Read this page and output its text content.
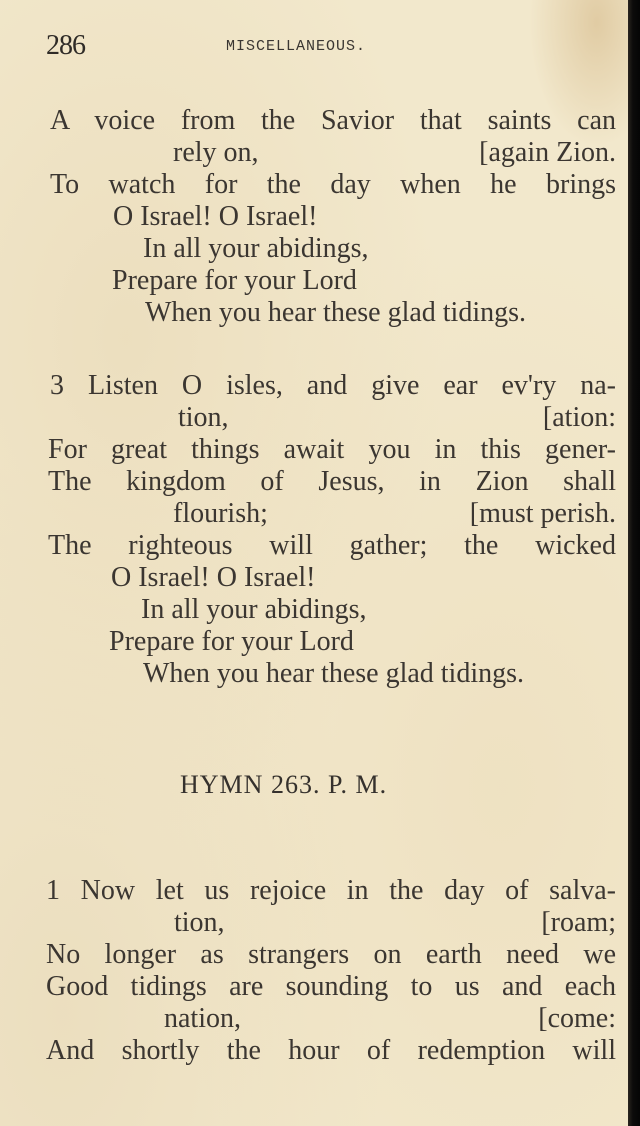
286	MISCELLANEOUS.
A voice from the Savior that saints can
rely on,	[again Zion.
To watch for the day when he brings
O Israel! O Israel!
In all your abidings,
Prepare for your Lord
When you hear these glad tidings.
3 Listen O isles, and give ear ev'ry na-
tion,	[ation:
For great things await you in this gener-
The kingdom of Jesus, in Zion shall
flourish;	[must perish.
The righteous will gather; the wicked
O Israel! O Israel!
In all your abidings,
Prepare for your Lord
When you hear these glad tidings.
HYMN 263. P. M.
1 Now let us rejoice in the day of salva-
tion,	[roam;
No longer as strangers on earth need we
Good tidings are sounding to us and each
nation,	[come:
And shortly the hour of redemption will
